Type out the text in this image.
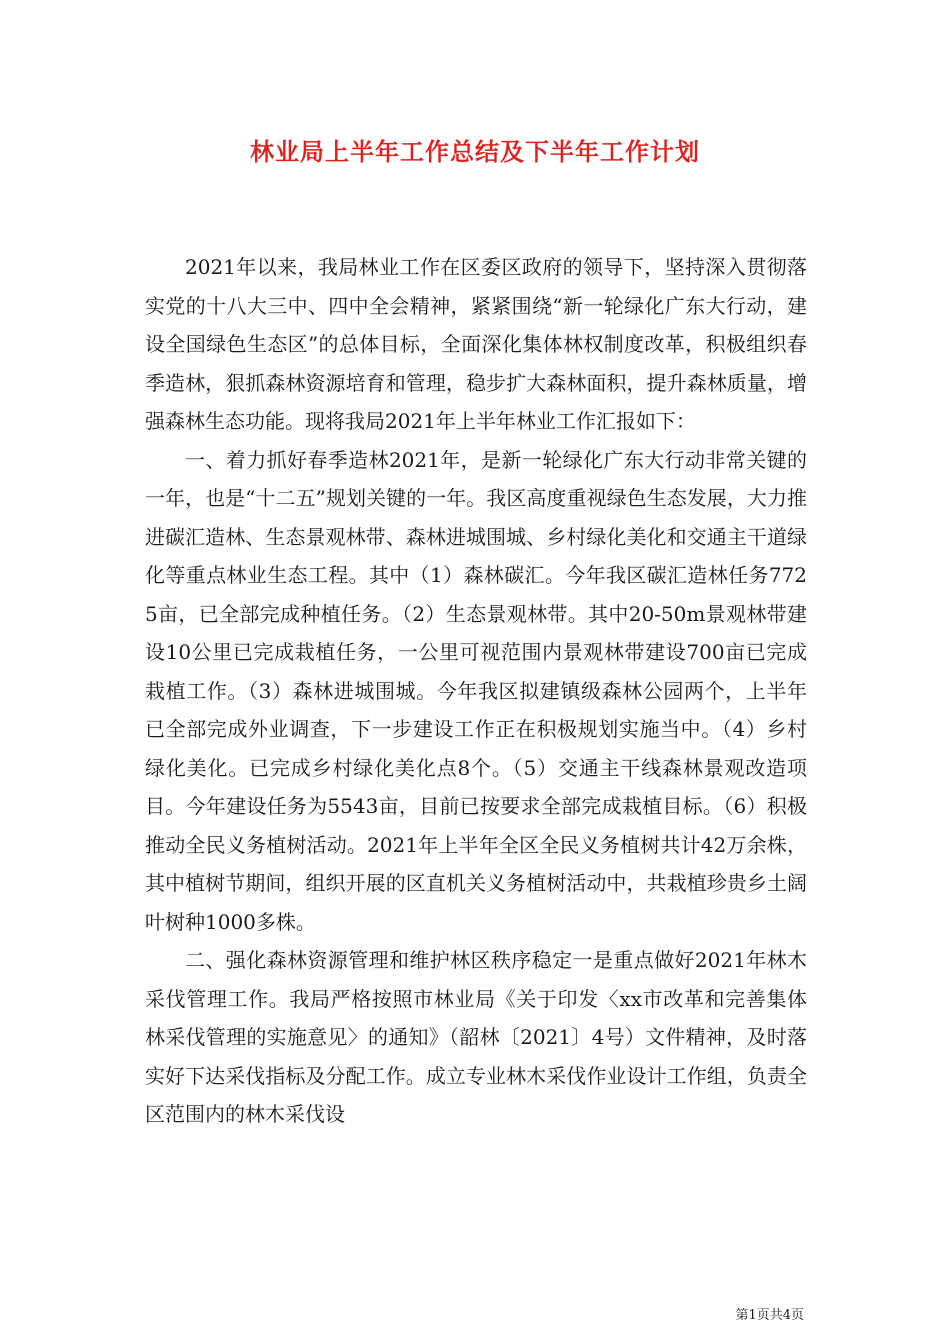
林业局上半年工作总结及下半年工作计划

2021年以来，我局林业工作在区委区政府的领导下，坚持深入贯彻落实党的十八大三中、四中全会精神，紧紧围绕“新一轮绿化广东大行动，建设全国绿色生态区”的总体目标，全面深化集体林权制度改革，积极组织春季造林，狠抓森林资源培育和管理，稳步扩大森林面积，提升森林质量，增强森林生态功能。现将我局2021年上半年林业工作汇报如下：

一、着力抓好春季造林2021年，是新一轮绿化广东大行动非常关键的一年，也是“十二五”规划关键的一年。我区高度重视绿色生态发展，大力推进碳汇造林、生态景观林带、森林进城围城、乡村绿化美化和交通主干道绿化等重点林业生态工程。其中（1）森林碳汇。今年我区碳汇造林任务7725亩，已全部完成种植任务。（2）生态景观林带。其中20-50m景观林带建设10公里已完成栽植任务，一公里可视范围内景观林带建设700亩已完成栽植工作。（3）森林进城围城。今年我区拟建镇级森林公园两个，上半年已全部完成外业调查，下一步建设工作正在积极规划实施当中。（4）乡村绿化美化。已完成乡村绿化美化点8个。（5）交通主干线森林景观改造项目。今年建设任务为5543亩，目前已按要求全部完成栽植目标。（6）积极推动全民义务植树活动。2021年上半年全区全民义务植树共计42万余株，其中植树节期间，组织开展的区直机关义务植树活动中，共栽植珍贵乡土阔叶树种1000多株。

二、强化森林资源管理和维护林区秩序稳定一是重点做好2021年林木采伐管理工作。我局严格按照市林业局《关于印发〈xx市改革和完善集体林采伐管理的实施意见〉的通知》（韶林〔2021〕4号）文件精神，及时落实好下达采伐指标及分配工作。成立专业林木采伐作业设计工作组，负责全区范围内的林木采伐设

第1页共4页
